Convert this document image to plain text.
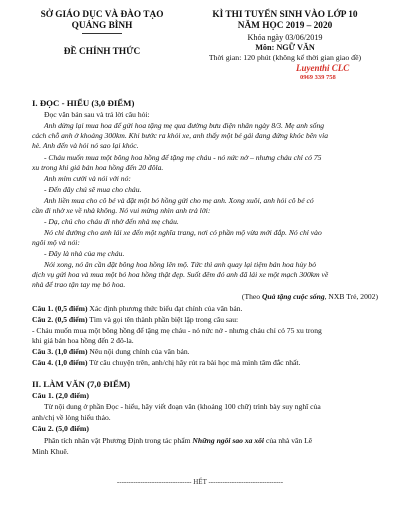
SỞ GIÁO DỤC VÀ ĐÀO TẠO
QUẢNG BÌNH
ĐỀ CHÍNH THỨC
KÌ THI TUYỂN SINH VÀO LỚP 10
NĂM HỌC 2019 – 2020
Khóa ngày 03/06/2019
Môn: NGỮ VĂN
Thời gian: 120 phút (không kể thời gian giao đề)
Luyenthi CLC
0969 339 758
I. ĐỌC - HIỂU (3,0 ĐIỂM)
Đọc văn bản sau và trả lời câu hỏi:
Anh dừng lại mua hoa để gửi hoa tặng mẹ qua đường bưu điện nhân ngày 8/3. Mẹ anh sống
cách chỗ anh ở khoảng 300km. Khi bước ra khỏi xe, anh thấy một bé gái đang đứng khóc bên vỉa
hè. Anh đến và hỏi nó sao lại khóc.
- Cháu muốn mua một bông hoa hồng để tặng mẹ cháu - nó nức nở – nhưng cháu chỉ có 75
xu trong khi giá bán hoa hồng đến 20 đôla.
Anh mỉm cười và nói với nó:
- Đến đây chú sẽ mua cho cháu.
Anh liền mua cho cô bé và đặt một bó hồng gửi cho mẹ anh. Xong xuôi, anh hỏi cô bé có
cần đi nhờ xe về nhà không. Nó vui mừng nhìn anh trả lời:
- Dạ, chú cho cháu đi nhờ đến nhà mẹ cháu.
Nó chỉ đường cho anh lái xe đến một nghĩa trang, nơi có phần mộ vừa mới đắp. Nó chỉ vào
ngôi mộ và nói:
- Đây là nhà của mẹ cháu.
Nói xong, nó ân cần đặt bông hoa hồng lên mộ. Tức thì anh quay lại tiệm bán hoa hủy bỏ
dịch vụ gửi hoa và mua một bó hoa hồng thật đẹp. Suốt đêm đó anh đã lái xe một mạch 300km về
nhà để trao tận tay mẹ bó hoa.
(Theo Quà tặng cuộc sống, NXB Trẻ, 2002)
Câu 1. (0,5 điểm) Xác định phương thức biểu đạt chính của văn bản.
Câu 2. (0,5 điểm) Tìm và gọi tên thành phần biệt lập trong câu sau:
- Cháu muốn mua một bông hồng để tặng mẹ cháu - nó nức nở - nhưng cháu chỉ có 75 xu trong
khi giá bán hoa hồng đến 2 đô-la.
Câu 3. (1,0 điểm) Nêu nội dung chính của văn bản.
Câu 4. (1,0 điểm) Từ câu chuyện trên, anh/chị hãy rút ra bài học mà mình tâm đắc nhất.
II. LÀM VĂN (7,0 ĐIỂM)
Câu 1. (2,0 điểm)
Từ nội dung ở phần Đọc - hiểu, hãy viết đoạn văn (khoảng 100 chữ) trình bày suy nghĩ của
anh/chị về lòng hiếu thảo.
Câu 2. (5,0 điểm)
Phân tích nhân vật Phương Định trong tác phẩm Những ngôi sao xa xôi của nhà văn Lê
Minh Khuê.
-------------------------------- HẾT --------------------------------
